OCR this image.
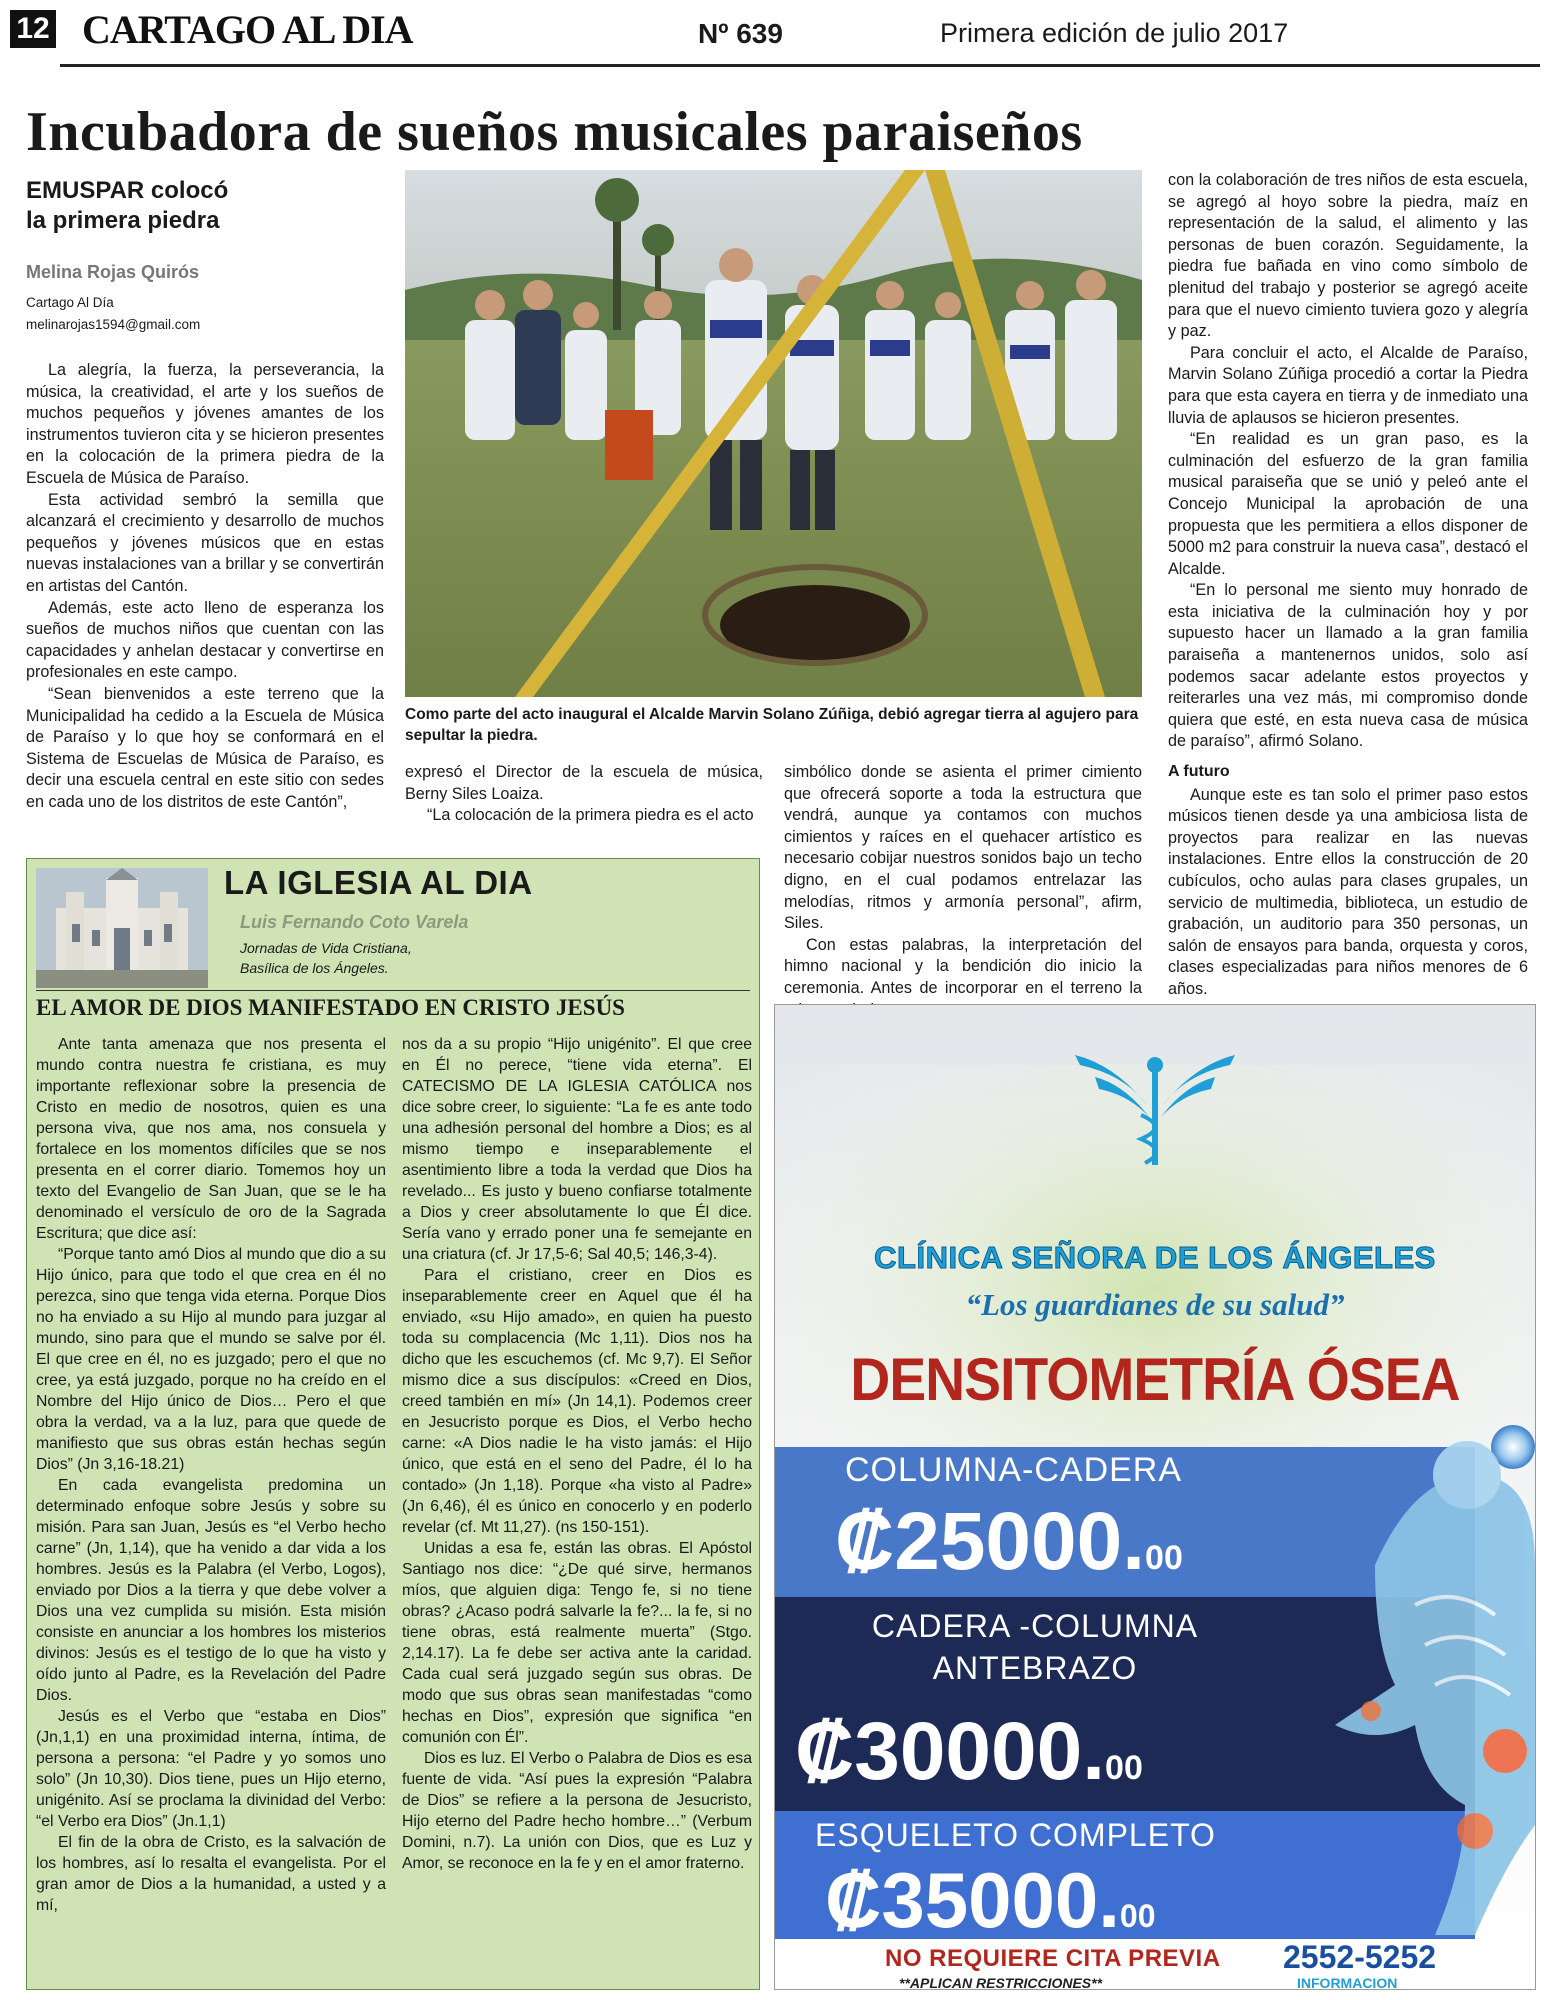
12 CARTAGO AL DIA	Nº 639	Primera edición de julio 2017
Incubadora de sueños musicales paraiseños
EMUSPAR colocó
la primera piedra
Melina Rojas Quirós
Cartago Al Día
melinarojas1594@gmail.com

La alegría, la fuerza, la perseverancia, la música, la creatividad, el arte y los sueños de muchos pequeños y jóvenes amantes de los instrumentos tuvieron cita y se hicieron presentes en la colocación de la primera piedra de la Escuela de Música de Paraíso.

Esta actividad sembró la semilla que alcanzará el crecimiento y desarrollo de muchos pequeños y jóvenes músicos que en estas nuevas instalaciones van a brillar y se convertirán en artistas del Cantón.

Además, este acto lleno de esperanza los sueños de muchos niños que cuentan con las capacidades y anhelan destacar y convertirse en profesionales en este campo.

“Sean bienvenidos a este terreno que la Municipalidad ha cedido a la Escuela de Música de Paraíso y lo que hoy se conformará en el Sistema de Escuelas de Música de Paraíso, es decir una escuela central en este sitio con sedes en cada uno de los distritos de este Cantón”,

Como parte del acto inaugural el Alcalde Marvin Solano Zúñiga, debió agregar tierra al agujero para sepultar la piedra.

expresó el Director de la escuela de música, Berny Siles Loaiza.

“La colocación de la primera piedra es el acto

simbólico donde se asienta el primer cimiento que ofrecerá soporte a toda la estructura que vendrá, aunque ya contamos con muchos cimientos y raíces en el quehacer artístico es necesario cobijar nuestros sonidos bajo un techo digno, en el cual podamos entrelazar las melodías, ritmos y armonía personal”, afirm, Siles.

Con estas palabras, la interpretación del himno nacional y la bendición dio inicio la ceremonia. Antes de incorporar en el terreno la

con la colaboración de tres niños de esta escuela, se agregó al hoyo sobre la piedra, maíz en representación de la salud, el alimento y las personas de buen corazón. Seguidamente, la piedra fue bañada en vino como símbolo de plenitud del trabajo y posterior se agregó aceite para que el nuevo cimiento tuviera gozo y alegría y paz.

Para concluir el acto, el Alcalde de Paraíso, Marvin Solano Zúñiga procedió a cortar la Piedra para que esta cayera en tierra y de inmediato una lluvia de aplausos se hicieron presentes.

“En realidad es un gran paso, es la culminación del esfuerzo de la gran familia musical paraiseña que se unió y peleó ante el Concejo Municipal la aprobación de una propuesta que les permitiera a ellos disponer de 5000 m2 para construir la nueva casa”, destacó el Alcalde.

“En lo personal me siento muy honrado de esta iniciativa de la culminación hoy y por supuesto hacer un llamado a la gran familia paraiseña a mantenernos unidos, solo así podemos sacar adelante estos proyectos y reiterarles una vez más, mi compromiso donde quiera que esté, en esta nueva casa de música de paraíso”, afirmó Solano.

A futuro

Aunque este es tan solo el primer paso estos músicos tienen desde ya una ambiciosa lista de proyectos para realizar en las nuevas instalaciones. Entre ellos la construcción de 20 cubículos, ocho aulas para clases grupales, un servicio de multimedia, biblioteca, un estudio de grabación, un auditorio para 350 personas, un salón de ensayos para banda, orquesta y coros, clases especializadas para niños menores de 6 años.

LA IGLESIA AL DIA
Luis Fernando Coto Varela
Jornadas de Vida Cristiana,
Basílica de los Ángeles.
EL AMOR DE DIOS MANIFESTADO EN CRISTO JESÚS

Ante tanta amenaza que nos presenta el mundo contra nuestra fe cristiana, es muy importante reflexionar sobre la presencia de Cristo en medio de nosotros, quien es una persona viva, que nos ama, nos consuela y fortalece en los momentos difíciles que se nos presenta en el correr diario. Tomemos hoy un texto del Evangelio de San Juan, que se le ha denominado el versículo de oro de la Sagrada Escritura; que dice así:

“Porque tanto amó Dios al mundo que dio a su Hijo único, para que todo el que crea en él no perezca, sino que tenga vida eterna. Porque Dios no ha enviado a su Hijo al mundo para juzgar al mundo, sino para que el mundo se salve por él. El que cree en él, no es juzgado; pero el que no cree, ya está juzgado, porque no ha creído en el Nombre del Hijo único de Dios… Pero el que obra la verdad, va a la luz, para que quede de manifiesto que sus obras están hechas según Dios” (Jn 3,16-18.21)

En cada evangelista predomina un determinado enfoque sobre Jesús y sobre su misión. Para san Juan, Jesús es “el Verbo hecho carne” (Jn, 1,14), que ha venido a dar vida a los hombres. Jesús es la Palabra (el Verbo, Logos), enviado por Dios a la tierra y que debe volver a Dios una vez cumplida su misión. Esta misión consiste en anunciar a los hombres los misterios divinos: Jesús es el testigo de lo que ha visto y oído junto al Padre, es la Revelación del Padre Dios.

Jesús es el Verbo que “estaba en Dios” (Jn,1,1) en una proximidad interna, íntima, de persona a persona: “el Padre y yo somos uno solo” (Jn 10,30). Dios tiene, pues un Hijo eterno, unigénito. Así se proclama la divinidad del Verbo: “el Verbo era Dios” (Jn.1,1)

El fin de la obra de Cristo, es la salvación de los hombres, así lo resalta el evangelista. Por el gran amor de Dios a la humanidad, a usted y a mí,

nos da a su propio “Hijo unigénito”. El que cree en Él no perece, “tiene vida eterna”. El CATECISMO DE LA IGLESIA CATÓLICA nos dice sobre creer, lo siguiente: “La fe es ante todo una adhesión personal del hombre a Dios; es al mismo tiempo e inseparablemente el asentimiento libre a toda la verdad que Dios ha revelado... Es justo y bueno confiarse totalmente a Dios y creer absolutamente lo que Él dice. Sería vano y errado poner una fe semejante en una criatura (cf. Jr 17,5-6; Sal 40,5; 146,3-4).

Para el cristiano, creer en Dios es inseparablemente creer en Aquel que él ha enviado, «su Hijo amado», en quien ha puesto toda su complacencia (Mc 1,11). Dios nos ha dicho que les escuchemos (cf. Mc 9,7). El Señor mismo dice a sus discípulos: «Creed en Dios, creed también en mí» (Jn 14,1). Podemos creer en Jesucristo porque es Dios, el Verbo hecho carne: «A Dios nadie le ha visto jamás: el Hijo único, que está en el seno del Padre, él lo ha contado» (Jn 1,18). Porque «ha visto al Padre» (Jn 6,46), él es único en conocerlo y en poderlo revelar (cf. Mt 11,27). (ns 150-151).

Unidas a esa fe, están las obras. El Apóstol Santiago nos dice: “¿De qué sirve, hermanos míos, que alguien diga: Tengo fe, si no tiene obras? ¿Acaso podrá salvarle la fe?... la fe, si no tiene obras, está realmente muerta” (Stgo. 2,14.17). La fe debe ser activa ante la caridad. Cada cual será juzgado según sus obras. De modo que sus obras sean manifestadas “como hechas en Dios”, expresión que significa “en comunión con Él”.

Dios es luz. El Verbo o Palabra de Dios es esa fuente de vida. “Así pues la expresión “Palabra de Dios” se refiere a la persona de Jesucristo, Hijo eterno del Padre hecho hombre…” (Verbum Domini, n.7). La unión con Dios, que es Luz y Amor, se reconoce en la fe y en el amor fraterno.

CLÍNICA SEÑORA DE LOS ÁNGELES
“Los guardianes de su salud”
DENSITOMETRÍA ÓSEA
COLUMNA-CADERA
₡25000.00
CADERA -COLUMNA
ANTEBRAZO
₡30000.00
ESQUELETO COMPLETO
₡35000.00
NO REQUIERE CITA PREVIA
**APLICAN RESTRICCIONES**
2552-5252
INFORMACION
